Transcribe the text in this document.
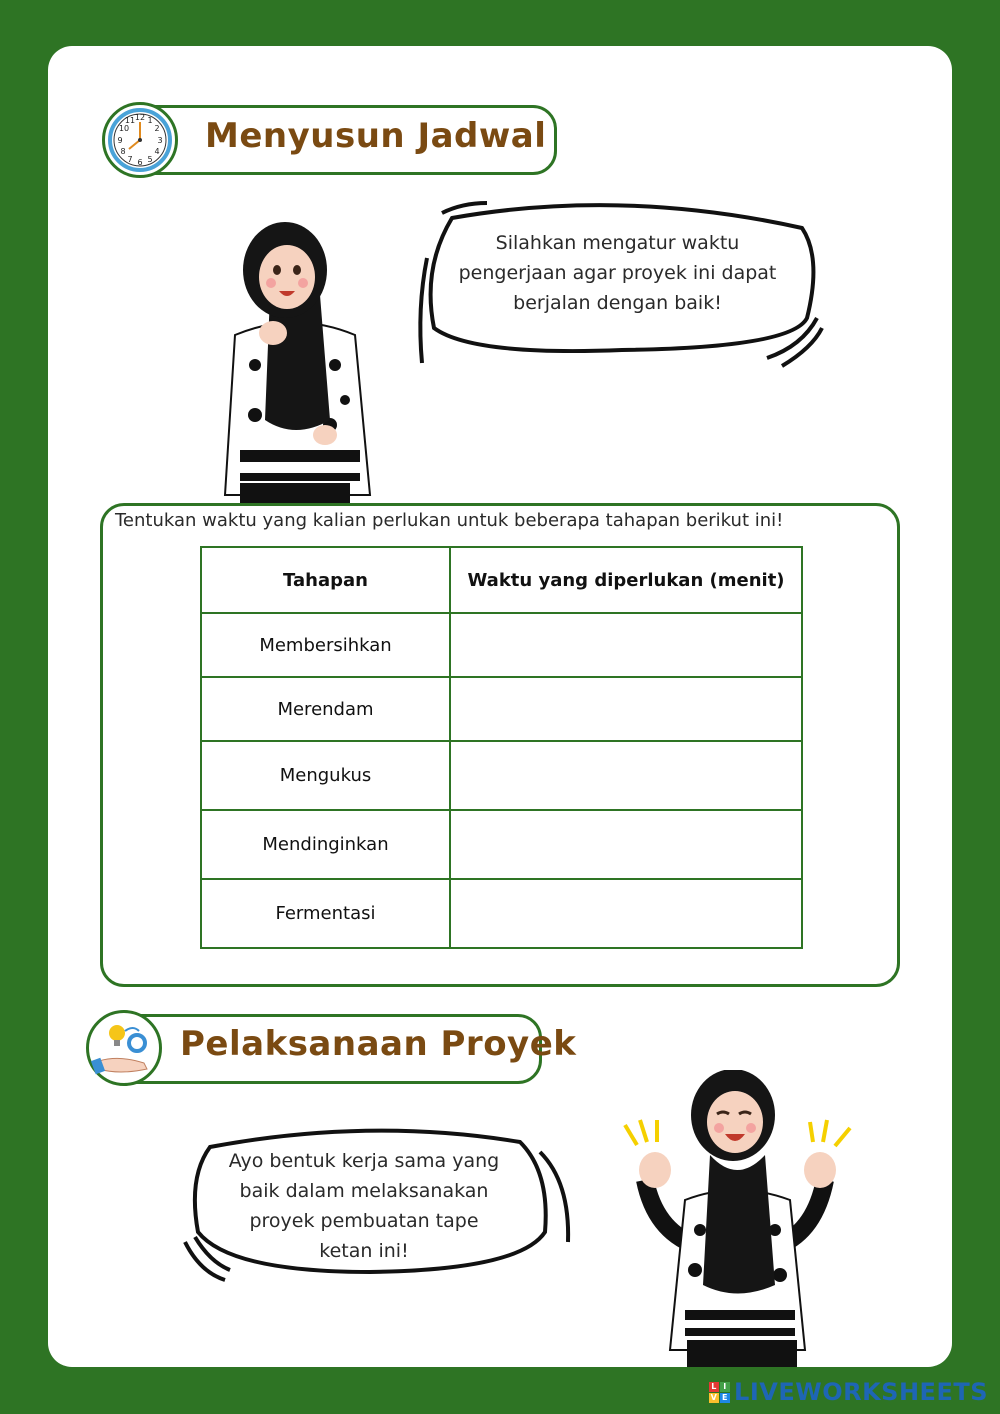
12 1
2
3
4
5
6
7
8
9
10
11 Menyusun Jadwal
Silahkan mengatur waktu
pengerjaan agar proyek ini dapat
berjalan dengan baik!
Tentukan waktu yang kalian perlukan untuk beberapa tahapan berikut ini!
Tahapan	Waktu yang diperlukan (menit)
Membersihkan	
Merendam	
Mengukus	
Mendinginkan	
Fermentasi	
Pelaksanaan Proyek
Ayo bentuk kerja sama yang
baik dalam melaksanakan
proyek pembuatan tape
ketan ini!
L I
V E LIVEWORKSHEETS
